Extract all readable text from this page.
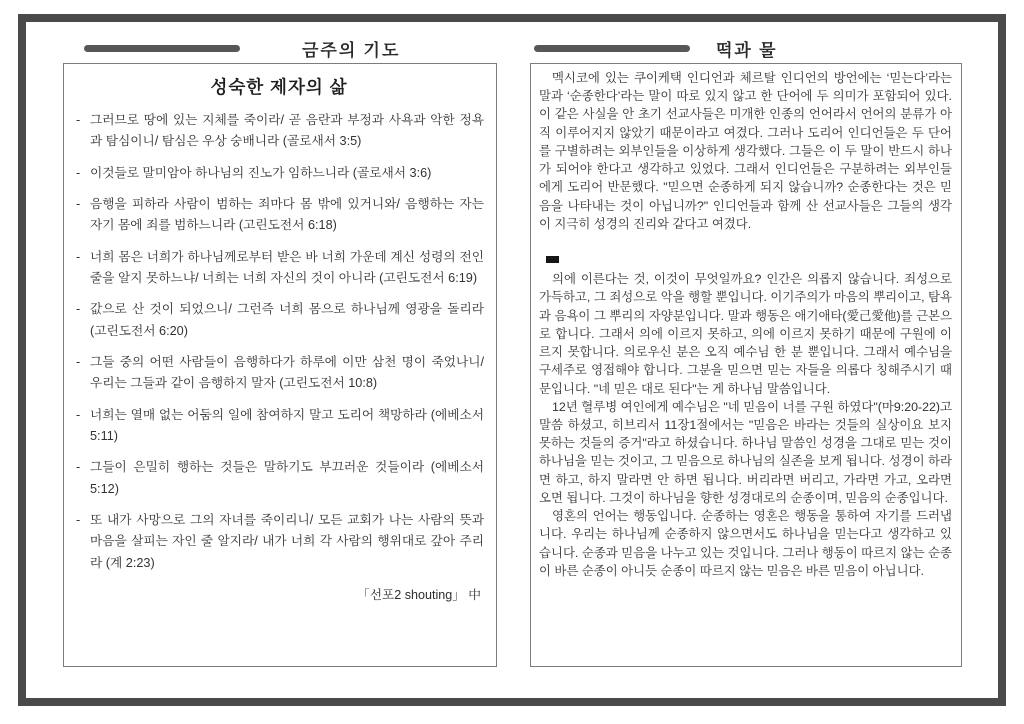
금주의 기도
성숙한 제자의 삶
- 그러므로 땅에 있는 지체를 죽이라/ 곧 음란과 부정과 사욕과 악한 정욕과 탐심이니/ 탐심은 우상 숭배니라 (골로새서 3:5)
- 이것들로 말미암아 하나님의 진노가 임하느니라 (골로새서 3:6)
- 음행을 피하라 사람이 범하는 죄마다 몸 밖에 있거니와/ 음행하는 자는 자기 몸에 죄를 범하느니라 (고린도전서 6:18)
- 너희 몸은 너희가 하나님께로부터 받은 바 너희 가운데 계신 성령의 전인 줄을 알지 못하느냐/ 너희는 너희 자신의 것이 아니라 (고린도전서 6:19)
- 값으로 산 것이 되었으니/ 그런즉 너희 몸으로 하나님께 영광을 돌리라 (고린도전서 6:20)
- 그들 중의 어떤 사람들이 음행하다가 하루에 이만 삼천 명이 죽었나니/ 우리는 그들과 같이 음행하지 말자 (고린도전서 10:8)
- 너희는 열매 없는 어둠의 일에 참여하지 말고 도리어 책망하라 (에베소서 5:11)
- 그들이 은밀히 행하는 것들은 말하기도 부끄러운 것들이라 (에베소서 5:12)
- 또 내가 사망으로 그의 자녀를 죽이리니/ 모든 교회가 나는 사람의 뜻과 마음을 살피는 자인 줄 알지라/ 내가 너희 각 사람의 행위대로 갚아 주리라 (계 2:23)
「선포2 shouting」 中
떡과 물

멕시코에 있는 쿠이케택 인디언과 체르탈 인디언의 방언에는 ‘믿는다’라는 말과 ‘순종한다’라는 말이 따로 있지 않고 한 단어에 두 의미가 포함되어 있다. 이 같은 사실을 안 초기 선교사들은 미개한 인종의 언어라서 언어의 분류가 아직 이루어지지 않았기 때문이라고 여겼다. 그러나 도리어 인디언들은 두 단어를 구별하려는 외부인들을 이상하게 생각했다. 그들은 이 두 말이 반드시 하나가 되어야 한다고 생각하고 있었다. 그래서 인디언들은 구분하려는 외부인들에게 도리어 반문했다. "믿으면 순종하게 되지 않습니까? 순종한다는 것은 믿음을 나타내는 것이 아닙니까?" 인디언들과 함께 산 선교사들은 그들의 생각이 지극히 성경의 진리와 같다고 여겼다.

의에 이른다는 것, 이것이 무엇일까요? 인간은 의롭지 않습니다. 죄성으로 가득하고, 그 죄성으로 악을 행할 뿐입니다. 이기주의가 마음의 뿌리이고, 탐욕과 음욕이 그 뿌리의 자양분입니다. 말과 행동은 애기애타(愛己愛他)를 근본으로 합니다. 그래서 의에 이르지 못하고, 의에 이르지 못하기 때문에 구원에 이르지 못합니다. 의로우신 분은 오직 예수님 한 분 뿐입니다. 그래서 예수님을 구세주로 영접해야 합니다. 그분을 믿으면 믿는 자들을 의롭다 칭해주시기 때문입니다. "네 믿은 대로 된다"는 게 하나님 말씀입니다.

12년 혈루병 여인에게 예수님은 "네 믿음이 너를 구원 하였다"(마9:20-22)고 말씀 하셨고, 히브리서 11장1절에서는 "믿음은 바라는 것들의 실상이요 보지 못하는 것들의 증거"라고 하셨습니다. 하나님 말씀인 성경을 그대로 믿는 것이 하나님을 믿는 것이고, 그 믿음으로 하나님의 실존을 보게 됩니다. 성경이 하라면 하고, 하지 말라면 안 하면 됩니다. 버리라면 버리고, 가라면 가고, 오라면 오면 됩니다. 그것이 하나님을 향한 성경대로의 순종이며, 믿음의 순종입니다.

영혼의 언어는 행동입니다. 순종하는 영혼은 행동을 통하여 자기를 드러냅니다. 우리는 하나님께 순종하지 않으면서도 하나님을 믿는다고 생각하고 있습니다. 순종과 믿음을 나누고 있는 것입니다. 그러나 행동이 따르지 않는 순종이 바른 순종이 아니듯 순종이 따르지 않는 믿음은 바른 믿음이 아닙니다.
